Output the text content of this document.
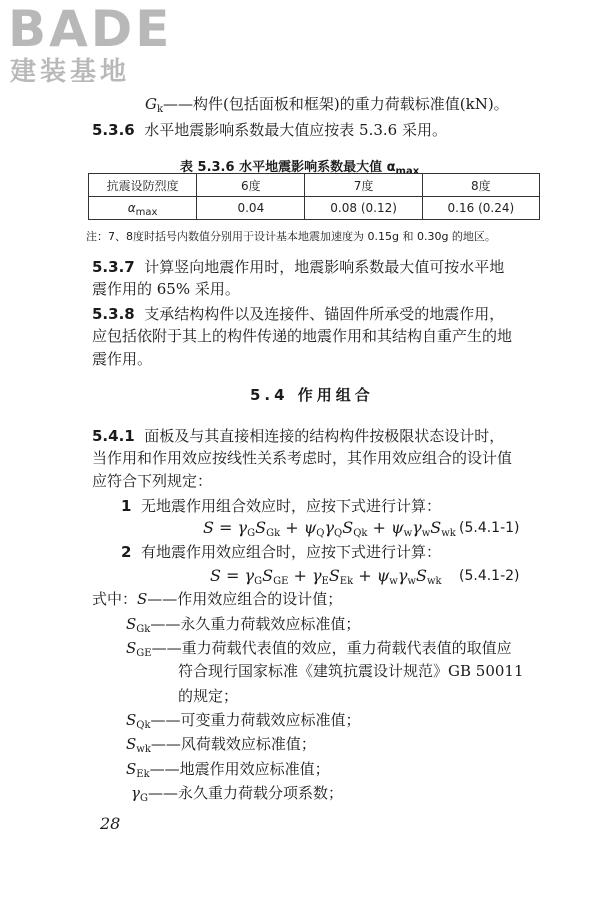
BADE
建装基地
$G_k——$构件(包括面板和框架)的重力荷载标准值(kN)。
5.3.6 水平地震影响系数最大值应按表 5.3.6 采用。
表 5.3.6 水平地震影响系数最大值 $\alpha_{max}$
抗震设防烈度	6度	7度	8度
$\alpha_{max}$	0.04	0.08 (0.12)	0.16 (0.24)
注：7、8度时括号内数值分别用于设计基本地震加速度为 0.15g 和 0.30g 的地区。
5.3.7 计算竖向地震作用时，地震影响系数最大值可按水平地
震作用的 65% 采用。
5.3.8 支承结构构件以及连接件、锚固件所承受的地震作用，
应包括依附于其上的构件传递的地震作用和其结构自重产生的地
震作用。
5.4 作用组合
5.4.1 面板及与其直接相连接的结构构件按极限状态设计时，
当作用和作用效应按线性关系考虑时，其作用效应组合的设计值
应符合下列规定：
1 无地震作用组合效应时，应按下式进行计算：
$S = \gamma_GS_{Gk} + \psi_Q\gamma_QS_{Qk} + \psi_w\gamma_wS_{wk}$ (5.4.1-1)
2 有地震作用效应组合时，应按下式进行计算：
$S = \gamma_GS_{GE} + \gamma_ES_{Ek} + \psi_w\gamma_wS_{wk}$ (5.4.1-2)
式中：S——作用效应组合的设计值；
$S_{Gk}——$永久重力荷载效应标准值；
$S_{GE}——$重力荷载代表值的效应，重力荷载代表值的取值应
符合现行国家标准《建筑抗震设计规范》GB 50011
的规定；
$S_{Qk}——$可变重力荷载效应标准值；
$S_{wk}——$风荷载效应标准值；
$S_{Ek}——$地震作用效应标准值；
$\gamma_G——$永久重力荷载分项系数；
28
